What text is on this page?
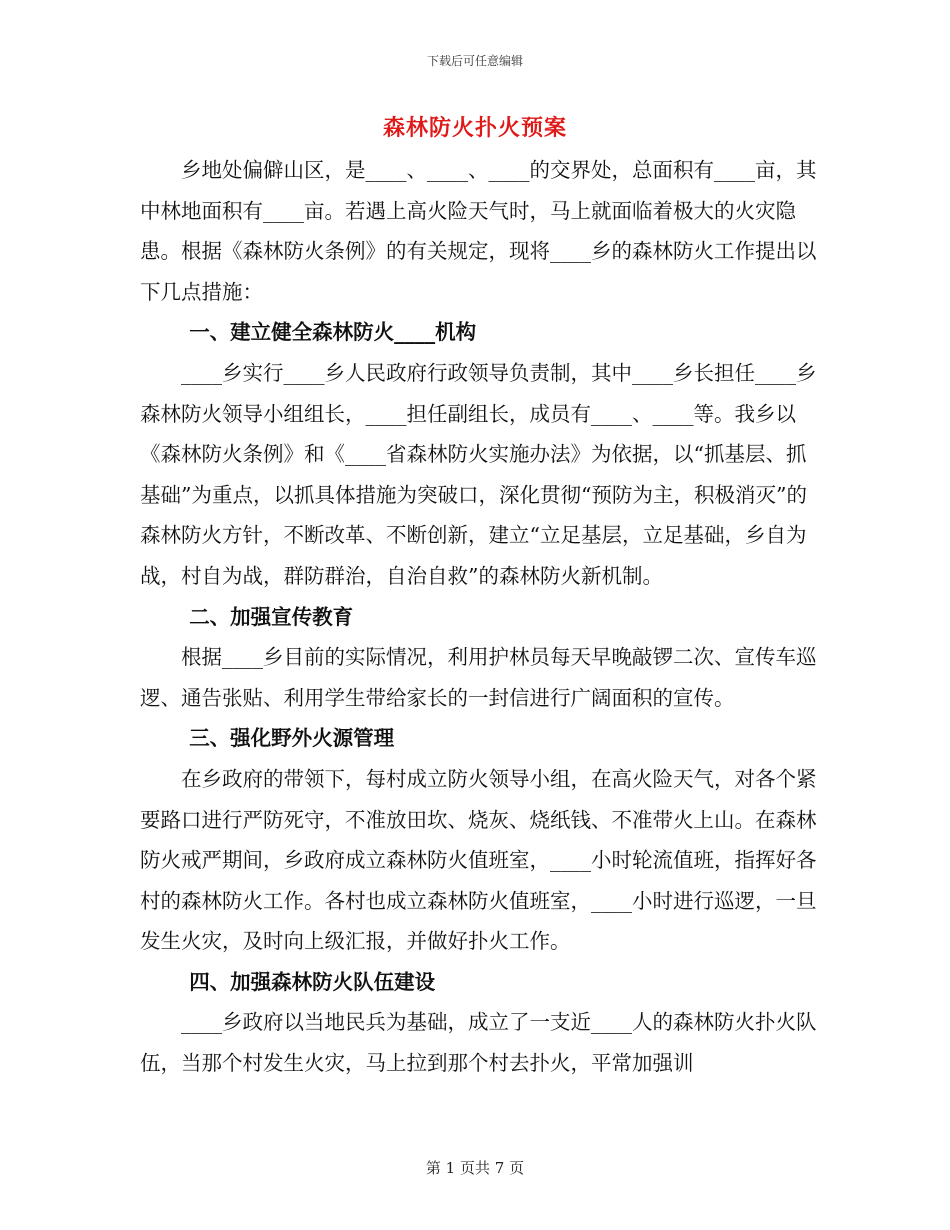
下载后可任意编辑
森林防火扑火预案

乡地处偏僻山区，是____、____、____的交界处，总面积有____亩，其中林地面积有____亩。若遇上高火险天气时，马上就面临着极大的火灾隐患。根据《森林防火条例》的有关规定，现将____乡的森林防火工作提出以下几点措施：

一、建立健全森林防火____机构

____乡实行____乡人民政府行政领导负责制，其中____乡长担任____乡森林防火领导小组组长，____担任副组长，成员有____、____等。我乡以《森林防火条例》和《____省森林防火实施办法》为依据，以“抓基层、抓基础”为重点，以抓具体措施为突破口，深化贯彻“预防为主，积极消灭”的森林防火方针，不断改革、不断创新，建立“立足基层，立足基础，乡自为战，村自为战，群防群治，自治自救”的森林防火新机制。

二、加强宣传教育

根据____乡目前的实际情况，利用护林员每天早晚敲锣二次、宣传车巡逻、通告张贴、利用学生带给家长的一封信进行广阔面积的宣传。

三、强化野外火源管理

在乡政府的带领下，每村成立防火领导小组，在高火险天气，对各个紧要路口进行严防死守，不准放田坎、烧灰、烧纸钱、不准带火上山。在森林防火戒严期间，乡政府成立森林防火值班室，____小时轮流值班，指挥好各村的森林防火工作。各村也成立森林防火值班室，____小时进行巡逻，一旦发生火灾，及时向上级汇报，并做好扑火工作。

四、加强森林防火队伍建设

____乡政府以当地民兵为基础，成立了一支近____人的森林防火扑火队伍，当那个村发生火灾，马上拉到那个村去扑火，平常加强训

第 1 页共 7 页
